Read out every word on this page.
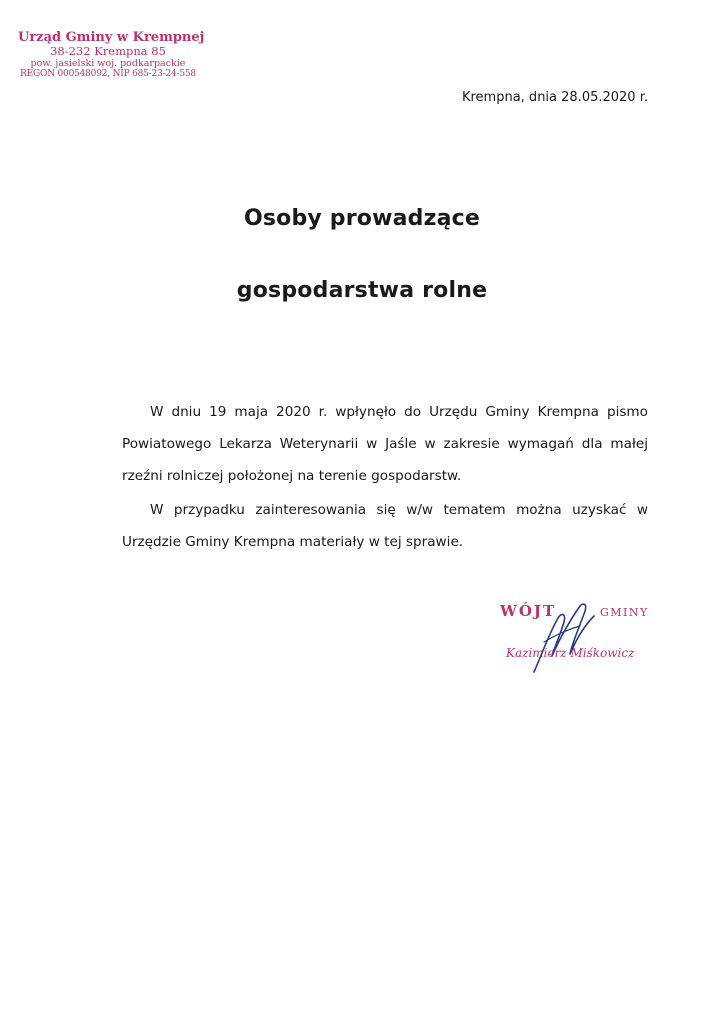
Urząd Gminy w Krempnej
38-232 Krempna 85
pow. jasielski woj. podkarpackie
REGON 000548092, NIP 685-23-24-558
Krempna, dnia 28.05.2020 r.
Osoby prowadzące
gospodarstwa rolne

W dniu 19 maja 2020 r. wpłynęło do Urzędu Gminy Krempna pismo Powiatowego Lekarza Weterynarii w Jaśle w zakresie wymagań dla małej rzeźni rolniczej położonej na terenie gospodarstw.

W przypadku zainteresowania się w/w tematem można uzyskać w Urzędzie Gminy Krempna materiały w tej sprawie.

WÓJT	GMINY
Kazimierz Miśkowicz
